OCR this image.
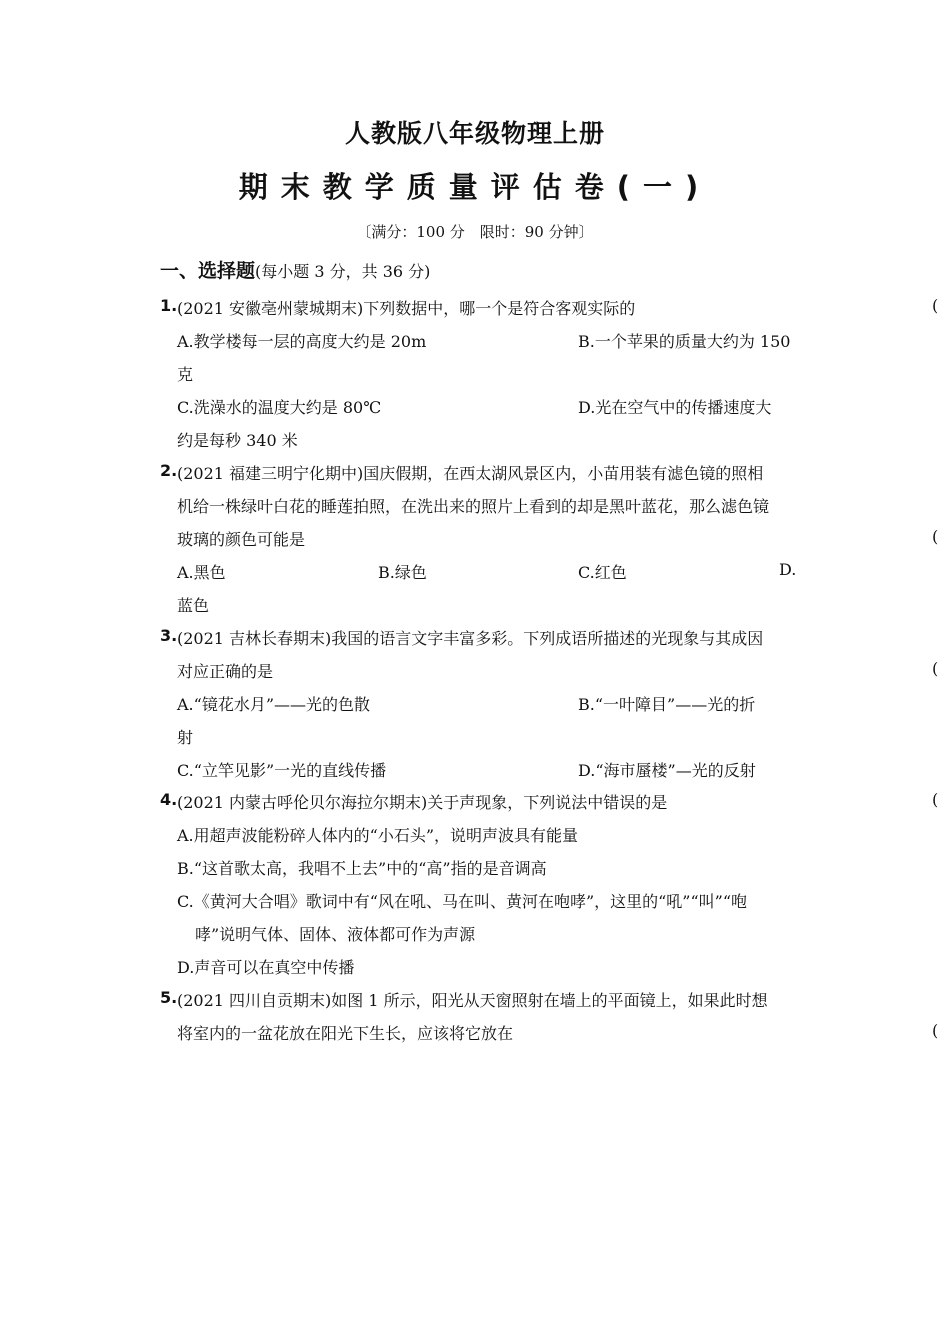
人教版八年级物理上册
期末教学质量评估卷(一)
〔满分：100 分　限时：90 分钟〕
一、选择题(每小题 3 分，共 36 分)
1. (2021 安徽亳州蒙城期末)下列数据中，哪一个是符合客观实际的	(
A.教学楼每一层的高度大约是 20m	B.一个苹果的质量大约为 150
克
C.洗澡水的温度大约是 80℃	D.光在空气中的传播速度大
约是每秒 340 米
2. (2021 福建三明宁化期中)国庆假期，在西太湖风景区内，小苗用装有滤色镜的照相
机给一株绿叶白花的睡莲拍照，在洗出来的照片上看到的却是黑叶蓝花，那么滤色镜
玻璃的颜色可能是	(
A.黑色	B.绿色	C.红色	D.
蓝色
3. (2021 吉林长春期末)我国的语言文字丰富多彩。下列成语所描述的光现象与其成因
对应正确的是	(
A.“镜花水月”——光的色散	B.“一叶障目”——光的折
射
C.“立竿见影”一光的直线传播	D.“海市蜃楼”—光的反射
4. (2021 内蒙古呼伦贝尔海拉尔期末)关于声现象，下列说法中错误的是	(
A.用超声波能粉碎人体内的“小石头”，说明声波具有能量
B.“这首歌太高，我唱不上去”中的“高”指的是音调高
C.《黄河大合唱》歌词中有“风在吼、马在叫、黄河在咆哮”，这里的“吼”“叫”“咆
哮”说明气体、固体、液体都可作为声源
D.声音可以在真空中传播
5. (2021 四川自贡期末)如图 1 所示，阳光从天窗照射在墙上的平面镜上，如果此时想
将室内的一盆花放在阳光下生长，应该将它放在	(
